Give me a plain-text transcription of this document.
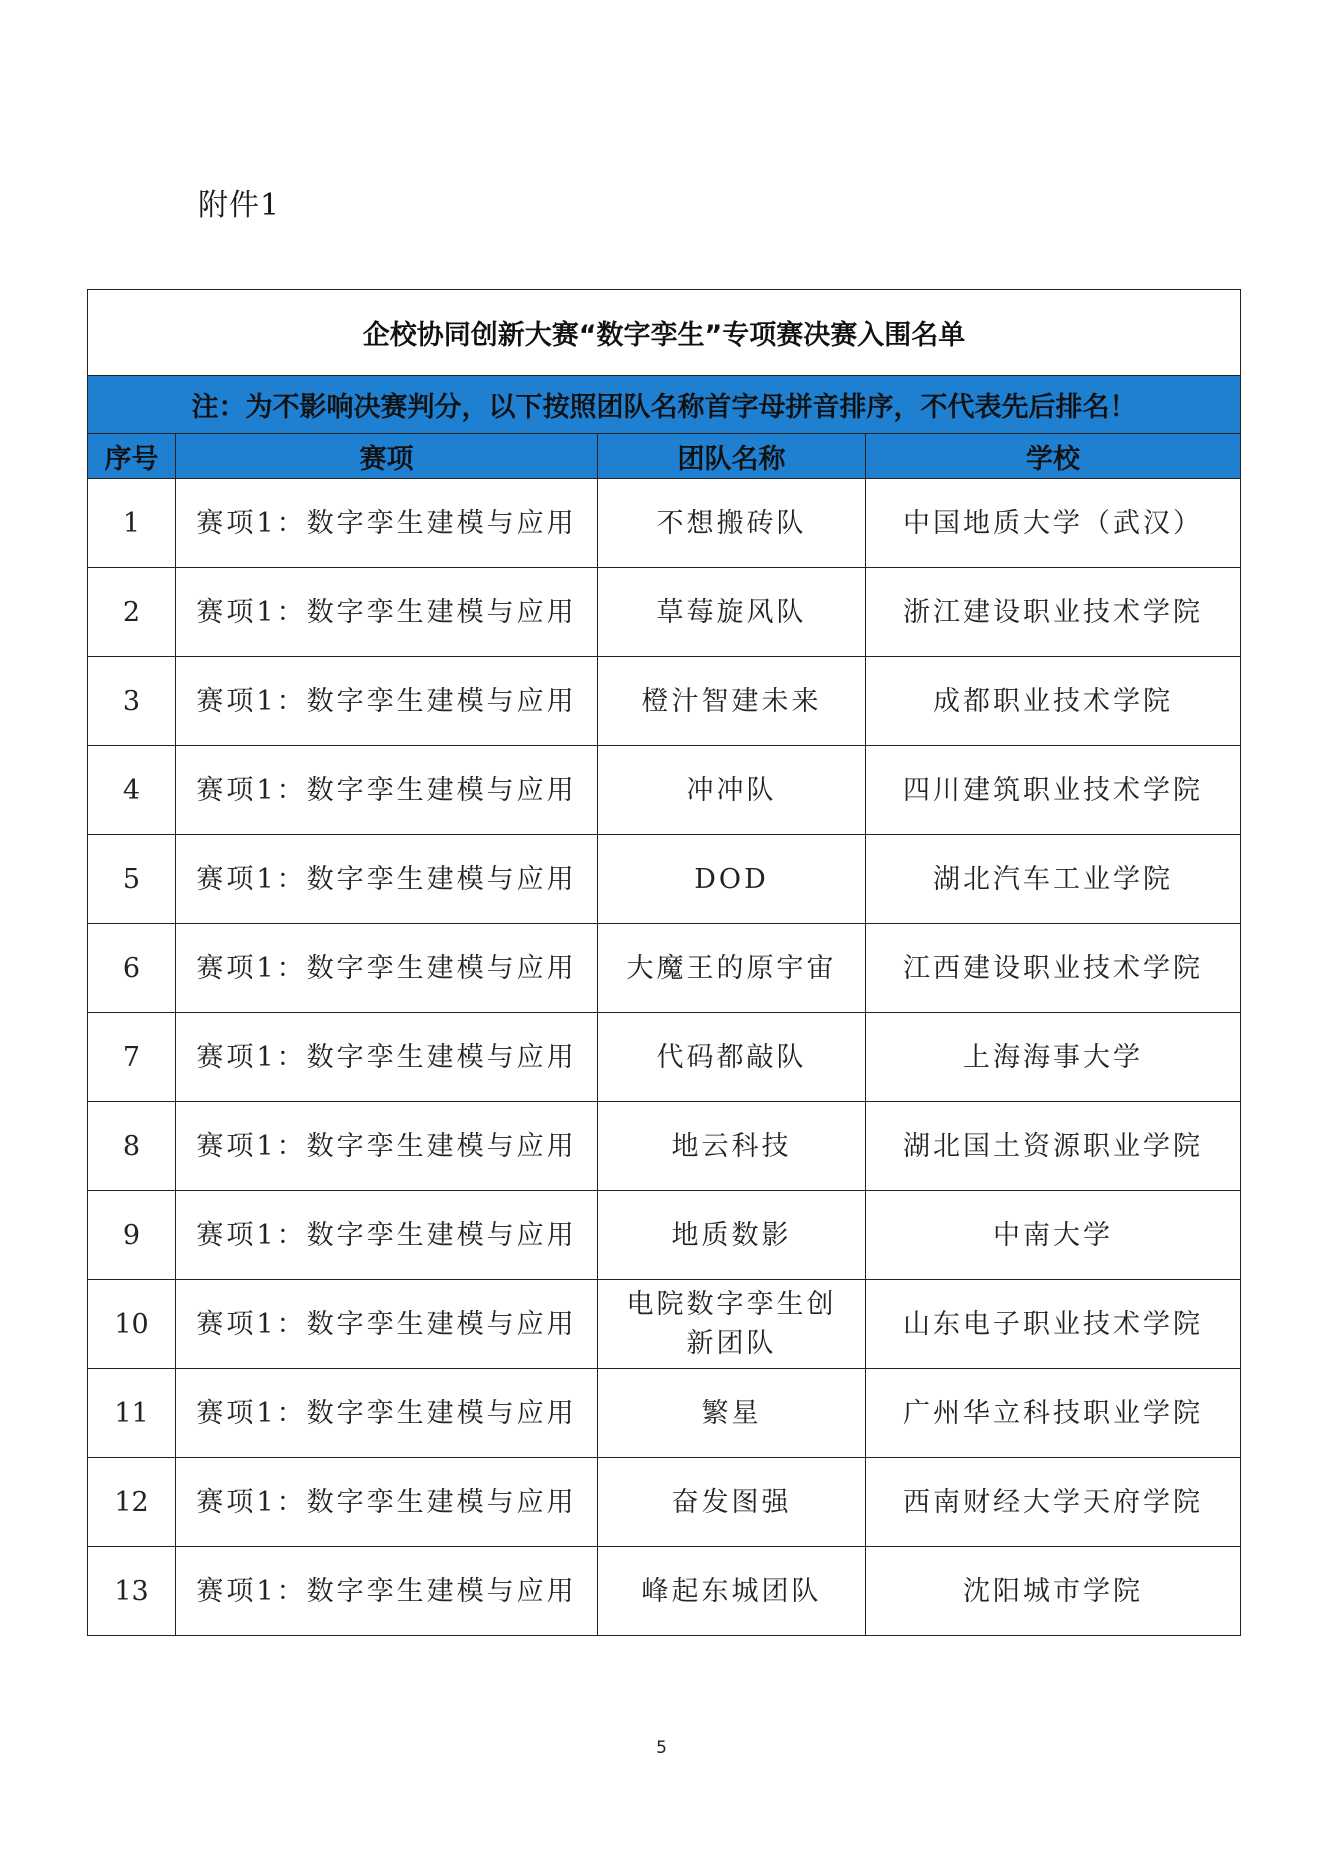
附件1
企校协同创新大赛“数字孪生”专项赛决赛入围名单			
注：为不影响决赛判分，以下按照团队名称首字母拼音排序，不代表先后排名！			
序号	赛项	团队名称	学校
1	赛项1：数字孪生建模与应用	不想搬砖队	中国地质大学（武汉）
2	赛项1：数字孪生建模与应用	草莓旋风队	浙江建设职业技术学院
3	赛项1：数字孪生建模与应用	橙汁智建未来	成都职业技术学院
4	赛项1：数字孪生建模与应用	冲冲队	四川建筑职业技术学院
5	赛项1：数字孪生建模与应用	DOD	湖北汽车工业学院
6	赛项1：数字孪生建模与应用	大魔王的原宇宙	江西建设职业技术学院
7	赛项1：数字孪生建模与应用	代码都敲队	上海海事大学
8	赛项1：数字孪生建模与应用	地云科技	湖北国土资源职业学院
9	赛项1：数字孪生建模与应用	地质数影	中南大学
10	赛项1：数字孪生建模与应用	电院数字孪生创新团队	山东电子职业技术学院
11	赛项1：数字孪生建模与应用	繁星	广州华立科技职业学院
12	赛项1：数字孪生建模与应用	奋发图强	西南财经大学天府学院
13	赛项1：数字孪生建模与应用	峰起东城团队	沈阳城市学院
5
